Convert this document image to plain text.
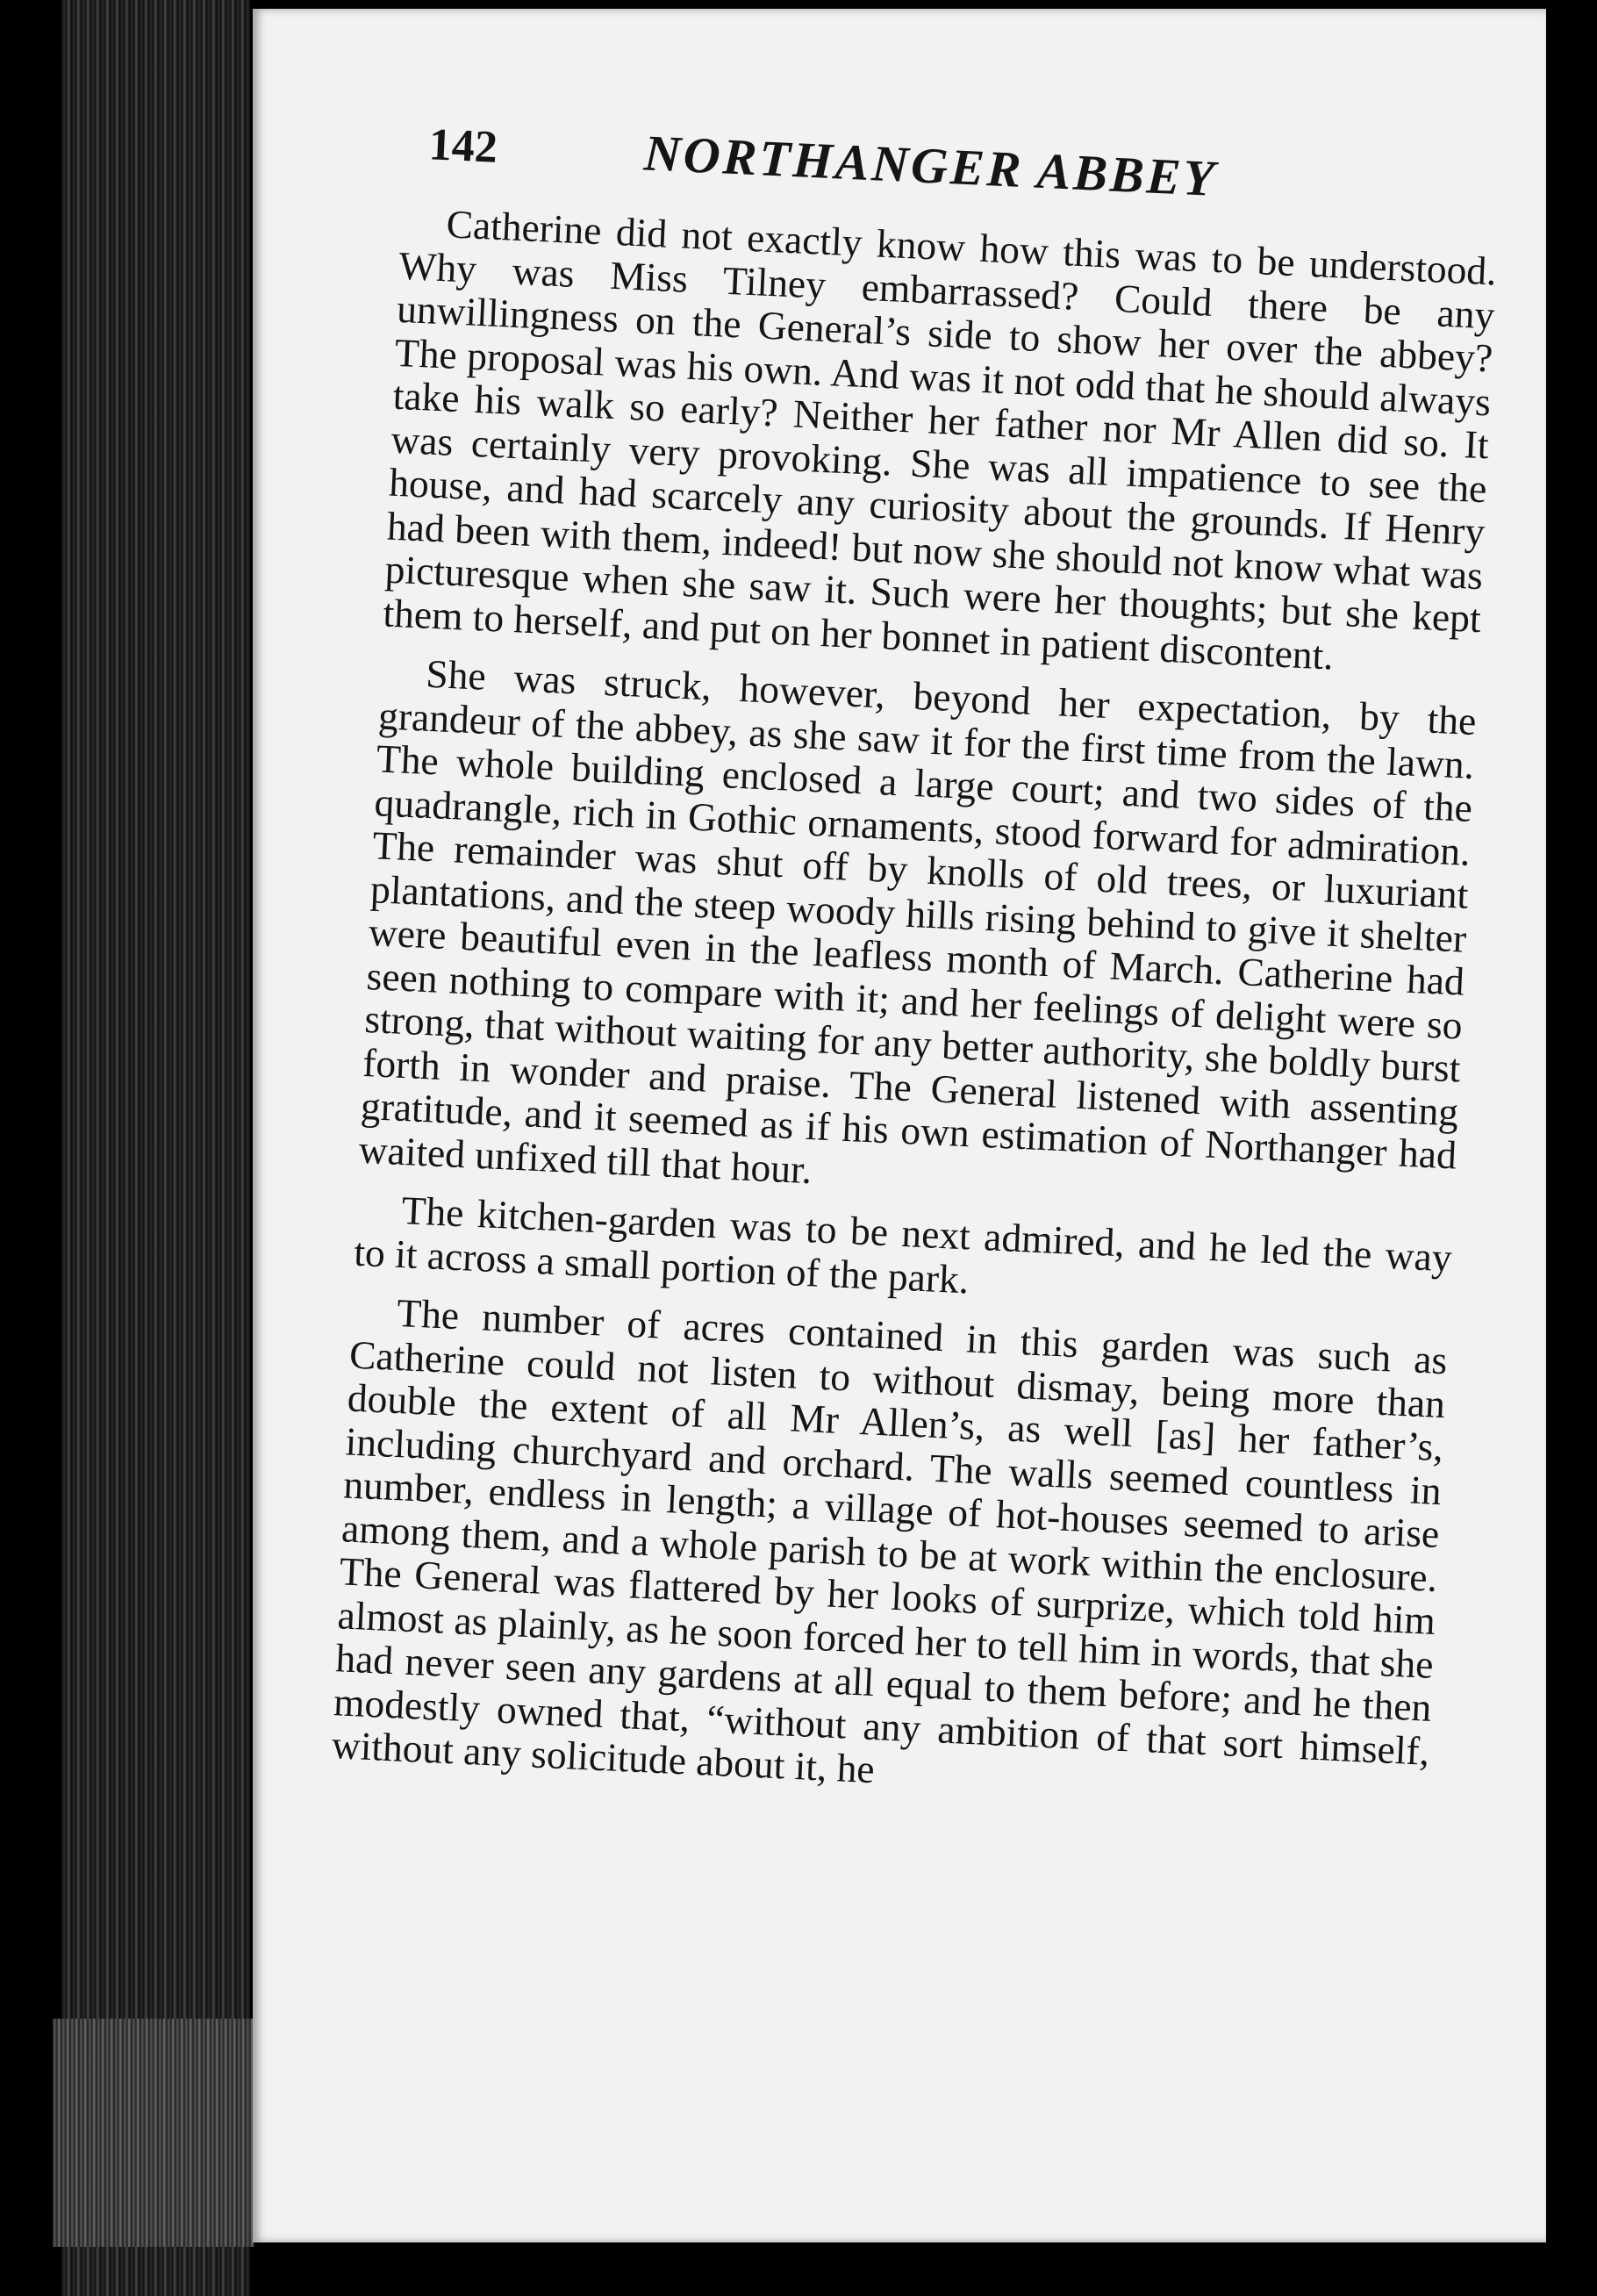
142	NORTHANGER ABBEY

Catherine did not exactly know how this was to be understood. Why was Miss Tilney embarrassed? Could there be any unwillingness on the General’s side to show her over the abbey? The proposal was his own. And was it not odd that he should always take his walk so early? Neither her father nor Mr Allen did so. It was certainly very provoking. She was all impatience to see the house, and had scarcely any curiosity about the grounds. If Henry had been with them, indeed! but now she should not know what was picturesque when she saw it. Such were her thoughts; but she kept them to herself, and put on her bonnet in patient discontent.

She was struck, however, beyond her expectation, by the grandeur of the abbey, as she saw it for the first time from the lawn. The whole building enclosed a large court; and two sides of the quadrangle, rich in Gothic ornaments, stood forward for admiration. The remainder was shut off by knolls of old trees, or luxuriant plantations, and the steep woody hills rising behind to give it shelter were beautiful even in the leafless month of March. Catherine had seen nothing to compare with it; and her feelings of delight were so strong, that without waiting for any better authority, she boldly burst forth in wonder and praise. The General listened with assenting gratitude, and it seemed as if his own estimation of Northanger had waited unfixed till that hour.

The kitchen-garden was to be next admired, and he led the way to it across a small portion of the park.

The number of acres contained in this garden was such as Catherine could not listen to without dismay, being more than double the extent of all Mr Allen’s, as well [as] her father’s, including churchyard and orchard. The walls seemed countless in number, endless in length; a village of hot-houses seemed to arise among them, and a whole parish to be at work within the enclosure. The General was flattered by her looks of surprize, which told him almost as plainly, as he soon forced her to tell him in words, that she had never seen any gardens at all equal to them before; and he then modestly owned that, “without any ambition of that sort himself, without any solicitude about it, he
